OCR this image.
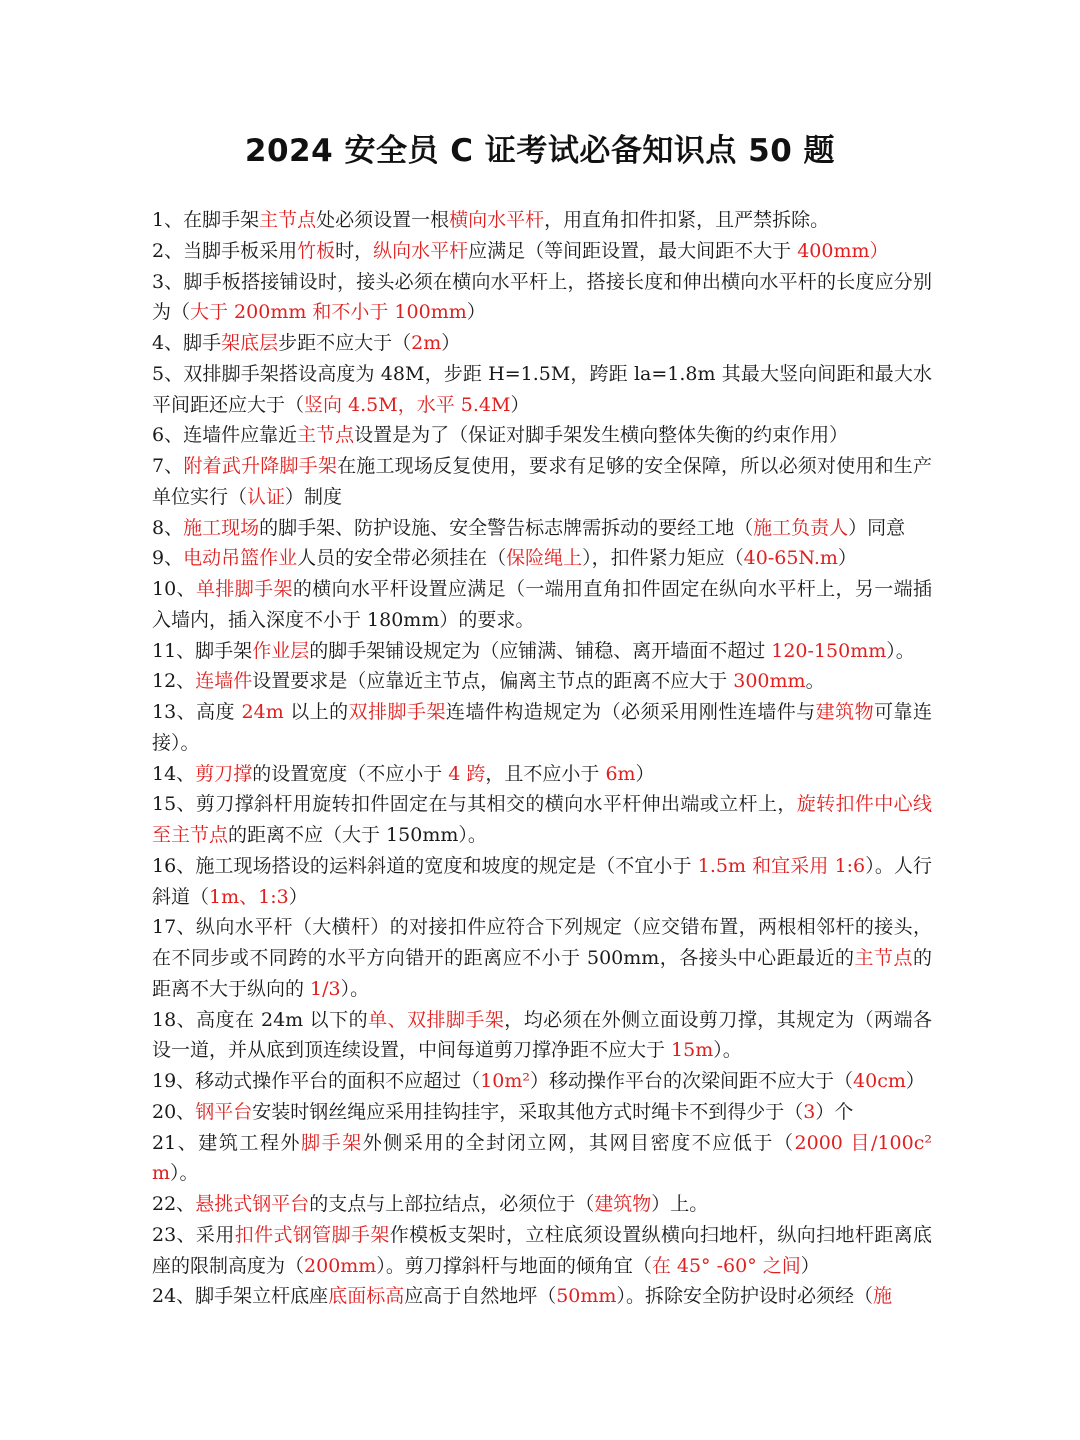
2024 安全员 C 证考试必备知识点 50 题

1、在脚手架主节点处必须设置一根横向水平杆，用直角扣件扣紧，且严禁拆除。

2、当脚手板采用竹板时，纵向水平杆应满足（等间距设置，最大间距不大于 400mm）

3、脚手板搭接铺设时，接头必须在横向水平杆上，搭接长度和伸出横向水平杆的长度应分别为（大于 200mm 和不小于 100mm）

4、脚手架底层步距不应大于（2m）

5、双排脚手架搭设高度为 48M，步距 H=1.5M，跨距 la=1.8m 其最大竖向间距和最大水平间距还应大于（竖向 4.5M，水平 5.4M）

6、连墙件应靠近主节点设置是为了（保证对脚手架发生横向整体失衡的约束作用）

7、附着武升降脚手架在施工现场反复使用，要求有足够的安全保障，所以必须对使用和生产单位实行（认证）制度

8、施工现场的脚手架、防护设施、安全警告标志牌需拆动的要经工地（施工负责人）同意

9、电动吊篮作业人员的安全带必须挂在（保险绳上），扣件紧力矩应（40-65N.m）

10、单排脚手架的横向水平杆设置应满足（一端用直角扣件固定在纵向水平杆上，另一端插入墙内，插入深度不小于 180mm）的要求。

11、脚手架作业层的脚手架铺设规定为（应铺满、铺稳、离开墙面不超过 120-150mm）。

12、连墙件设置要求是（应靠近主节点，偏离主节点的距离不应大于 300mm。

13、高度 24m 以上的双排脚手架连墙件构造规定为（必须采用刚性连墙件与建筑物可靠连接）。

14、剪刀撑的设置宽度（不应小于 4 跨，且不应小于 6m）

15、剪刀撑斜杆用旋转扣件固定在与其相交的横向水平杆伸出端或立杆上，旋转扣件中心线至主节点的距离不应（大于 150mm）。

16、施工现场搭设的运料斜道的宽度和坡度的规定是（不宜小于 1.5m 和宜采用 1:6）。人行斜道（1m、1:3）

17、纵向水平杆（大横杆）的对接扣件应符合下列规定（应交错布置，两根相邻杆的接头，在不同步或不同跨的水平方向错开的距离应不小于 500mm，各接头中心距最近的主节点的距离不大于纵向的 1/3）。

18、高度在 24m 以下的单、双排脚手架，均必须在外侧立面设剪刀撑，其规定为（两端各设一道，并从底到顶连续设置，中间每道剪刀撑净距不应大于 15m）。

19、移动式操作平台的面积不应超过（10m²）移动操作平台的次梁间距不应大于（40cm）

20、钢平台安装时钢丝绳应采用挂钩挂宇，采取其他方式时绳卡不到得少于（3）个

21、建筑工程外脚手架外侧采用的全封闭立网，其网目密度不应低于（2000 目/100c² m）。

22、悬挑式钢平台的支点与上部拉结点，必须位于（建筑物）上。

23、采用扣件式钢管脚手架作模板支架时，立柱底须设置纵横向扫地杆，纵向扫地杆距离底座的限制高度为（200mm）。剪刀撑斜杆与地面的倾角宜（在 45° -60° 之间）

24、脚手架立杆底座底面标高应高于自然地坪（50mm）。拆除安全防护设时必须经（施
